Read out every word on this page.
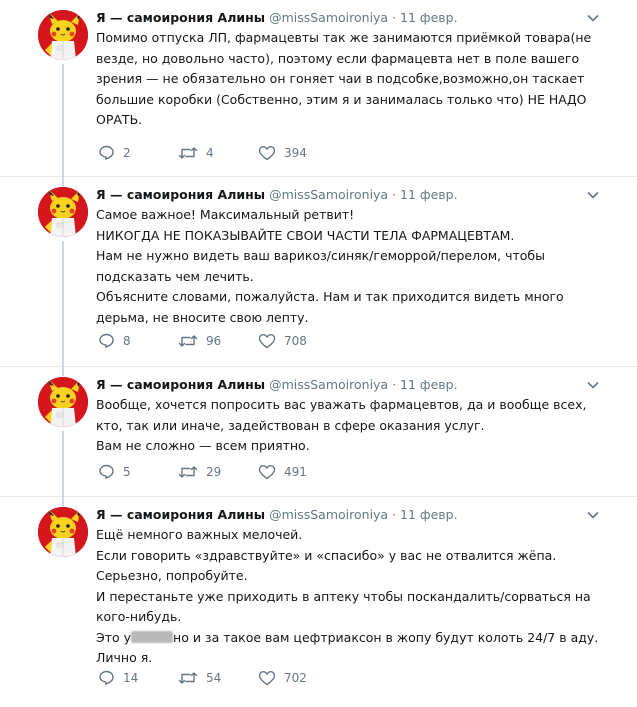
Я — самоирония Алины @missSamoironiya · 11 февр.

Помимо отпуска ЛП, фармацевты так же занимаются приёмкой товара(не везде, но довольно часто), поэтому если фармацевта нет в поле вашего зрения — не обязательно он гоняет чаи в подсобке,возможно,он таскает большие коробки (Собственно, этим я и занималась только что) НЕ НАДО ОРАТЬ.

2	4	394
Я — самоирония Алины @missSamoironiya · 11 февр.

Самое важное! Максимальный ретвит!

НИКОГДА НЕ ПОКАЗЫВАЙТЕ СВОИ ЧАСТИ ТЕЛА ФАРМАЦЕВТАМ.

Нам не нужно видеть ваш варикоз/синяк/геморрой/перелом, чтобы подсказать чем лечить.

Объясните словами, пожалуйста. Нам и так приходится видеть много дерьма, не вносите свою лепту.

8	96	708
Я — самоирония Алины @missSamoironiya · 11 февр.

Вообще, хочется попросить вас уважать фармацевтов, да и вообще всех, кто, так или иначе, задействован в сфере оказания услуг.

Вам не сложно — всем приятно.

5	29	491
Я — самоирония Алины @missSamoironiya · 11 февр.

Ещё немного важных мелочей.

Если говорить «здравствуйте» и «спасибо» у вас не отвалится жёпа.

Серьезно, попробуйте.

И перестаньте уже приходить в аптеку чтобы поскандалить/сорваться на кого-нибудь.

Это у	но и за такое вам цефтриаксон в жопу будут колоть 24/7 в аду.

Лично я.

14	54	702
